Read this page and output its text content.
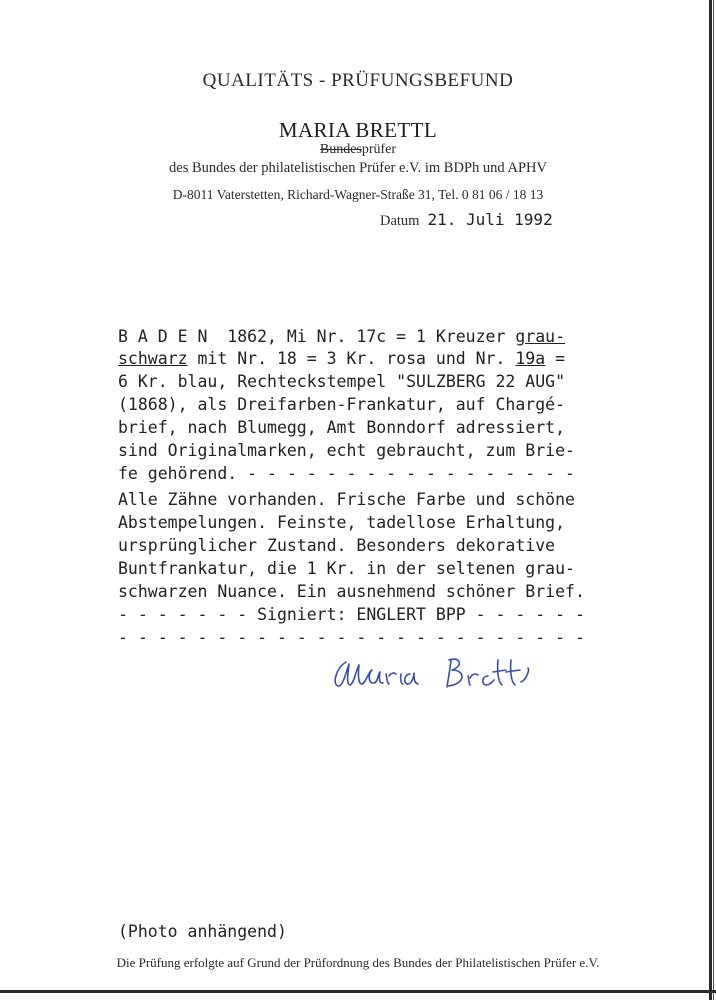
QUALITÄTS - PRÜFUNGSBEFUND
MARIA BRETTL
Bundesprüfer
des Bundes der philatelistischen Prüfer e.V. im BDPh und APHV
D-8011 Vaterstetten, Richard-Wagner-Straße 31, Tel. 0 81 06 / 18 13
Datum 21. Juli 1992
B A D E N  1862, Mi Nr. 17c = 1 Kreuzer grau-
schwarz mit Nr. 18 = 3 Kr. rosa und Nr. 19a =
6 Kr. blau, Rechteckstempel "SULZBERG 22 AUG"
(1868), als Dreifarben-Frankatur, auf Chargé-
brief, nach Blumegg, Amt Bonndorf adressiert,
sind Originalmarken, echt gebraucht, zum Brie-
fe gehörend. - - - - - - - - - - - - - - - - -
Alle Zähne vorhanden. Frische Farbe und schöne
Abstempelungen. Feinste, tadellose Erhaltung,
ursprünglicher Zustand. Besonders dekorative
Buntfrankatur, die 1 Kr. in der seltenen grau-
schwarzen Nuance. Ein ausnehmend schöner Brief.
- - - - - - - Signiert: ENGLERT BPP - - - - - -
- - - - - - - - - - - - - - - - - - - - - - - -
(Photo anhängend)
Die Prüfung erfolgte auf Grund der Prüfordnung des Bundes der Philatelistischen Prüfer e.V.
